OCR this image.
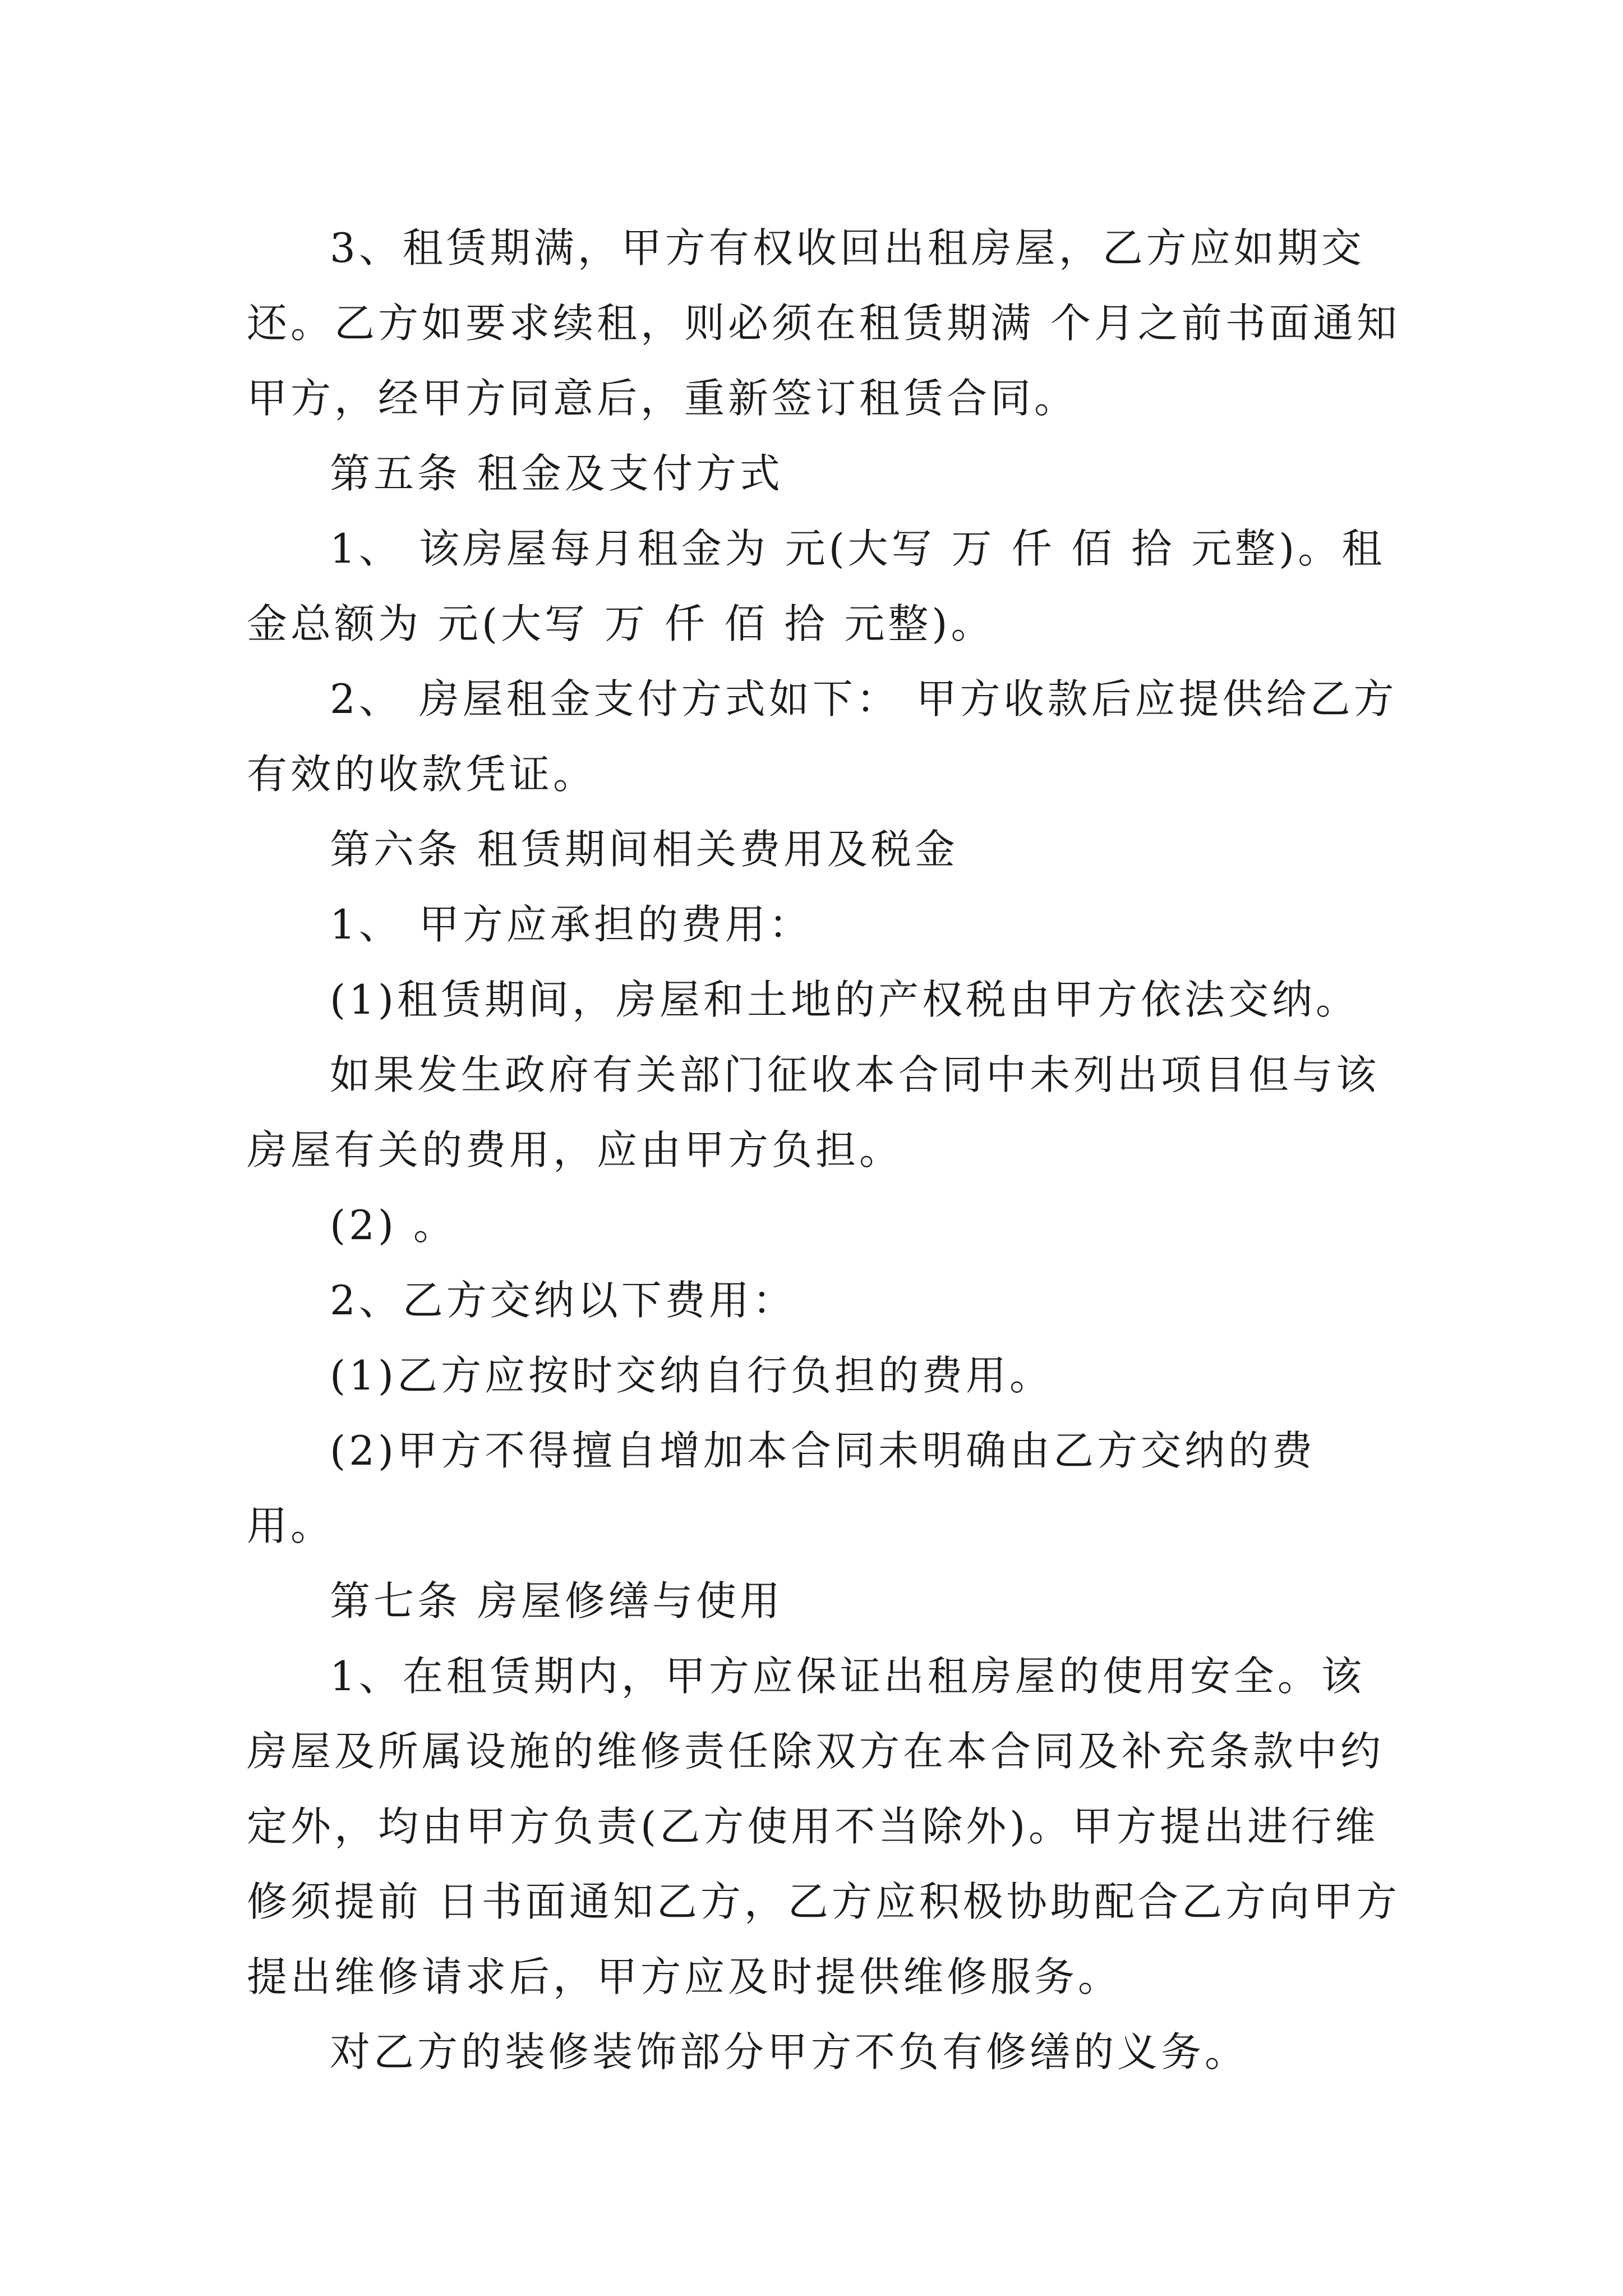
3、租赁期满，甲方有权收回出租房屋，乙方应如期交还。乙方如要求续租，则必须在租赁期满 个月之前书面通知甲方，经甲方同意后，重新签订租赁合同。

第五条 租金及支付方式

1、 该房屋每月租金为 元(大写 万 仟 佰 拾 元整)。租金总额为 元(大写 万 仟 佰 拾 元整)。

2、 房屋租金支付方式如下： 甲方收款后应提供给乙方有效的收款凭证。

第六条 租赁期间相关费用及税金

1、 甲方应承担的费用：

(1)租赁期间，房屋和土地的产权税由甲方依法交纳。

如果发生政府有关部门征收本合同中未列出项目但与该房屋有关的费用，应由甲方负担。

(2) 。

2、乙方交纳以下费用：

(1)乙方应按时交纳自行负担的费用。

(2)甲方不得擅自增加本合同未明确由乙方交纳的费用。

第七条 房屋修缮与使用

1、在租赁期内，甲方应保证出租房屋的使用安全。该房屋及所属设施的维修责任除双方在本合同及补充条款中约定外，均由甲方负责(乙方使用不当除外)。甲方提出进行维修须提前 日书面通知乙方，乙方应积极协助配合乙方向甲方提出维修请求后，甲方应及时提供维修服务。

对乙方的装修装饰部分甲方不负有修缮的义务。
